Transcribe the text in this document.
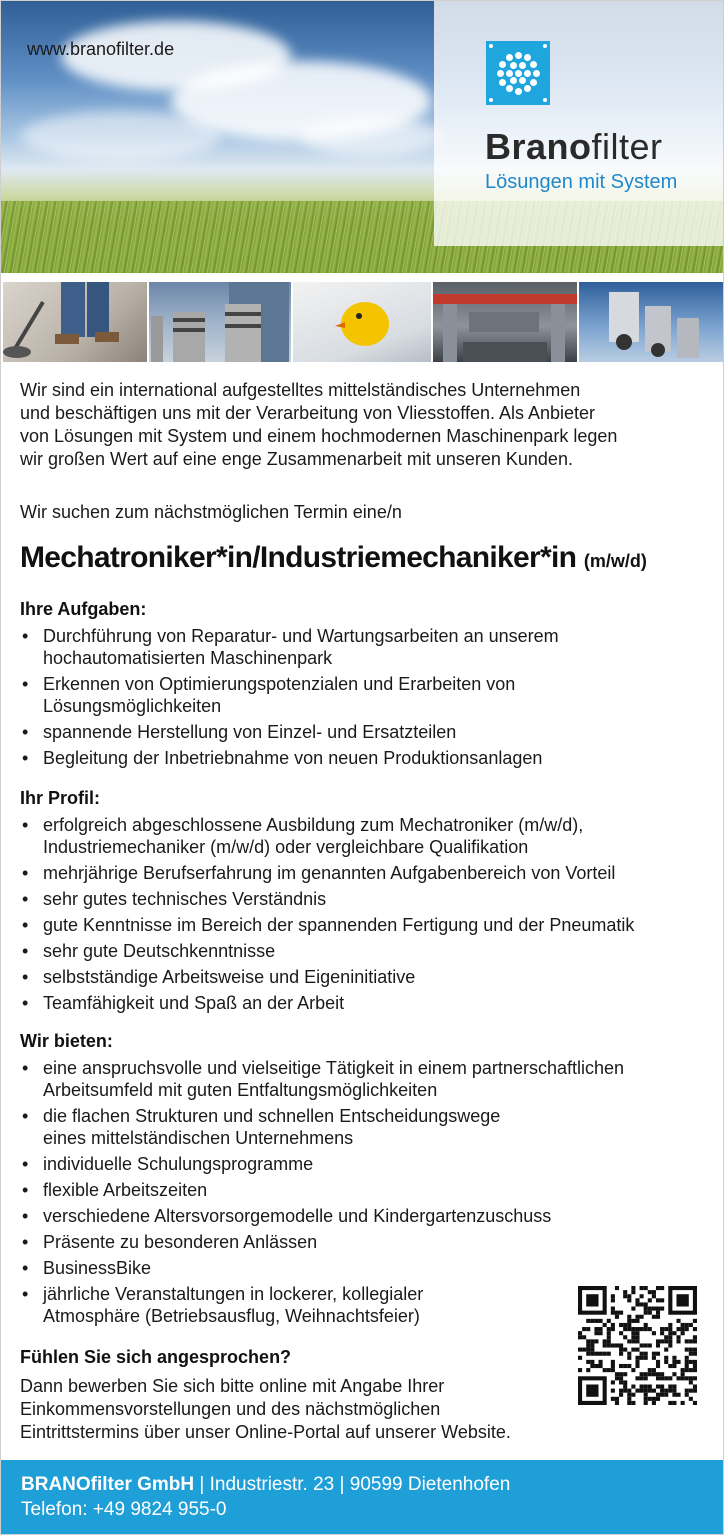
www.branofilter.de
Branofilter
Lösungen mit System
Wir sind ein international aufgestelltes mittelständisches Unternehmen
und beschäftigen uns mit der Verarbeitung von Vliesstoffen. Als Anbieter
von Lösungen mit System und einem hochmodernen Maschinenpark legen
wir großen Wert auf eine enge Zusammenarbeit mit unseren Kunden.
Wir suchen zum nächstmöglichen Termin eine/n
Mechatroniker*in/Industriemechaniker*in (m/w/d)
Ihre Aufgaben:
• Durchführung von Reparatur- und Wartungsarbeiten an unserem
hochautomatisierten Maschinenpark
• Erkennen von Optimierungspotenzialen und Erarbeiten von
Lösungsmöglichkeiten
• spannende Herstellung von Einzel- und Ersatzteilen
• Begleitung der Inbetriebnahme von neuen Produktionsanlagen
Ihr Profil:
• erfolgreich abgeschlossene Ausbildung zum Mechatroniker (m/w/d),
Industriemechaniker (m/w/d) oder vergleichbare Qualifikation
• mehrjährige Berufserfahrung im genannten Aufgabenbereich von Vorteil
• sehr gutes technisches Verständnis
• gute Kenntnisse im Bereich der spannenden Fertigung und der Pneumatik
• sehr gute Deutschkenntnisse
• selbstständige Arbeitsweise und Eigeninitiative
• Teamfähigkeit und Spaß an der Arbeit
Wir bieten:
• eine anspruchsvolle und vielseitige Tätigkeit in einem partnerschaftlichen
Arbeitsumfeld mit guten Entfaltungsmöglichkeiten
• die flachen Strukturen und schnellen Entscheidungswege
eines mittelständischen Unternehmens
• individuelle Schulungsprogramme
• flexible Arbeitszeiten
• verschiedene Altersvorsorgemodelle und Kindergartenzuschuss
• Präsente zu besonderen Anlässen
• BusinessBike
• jährliche Veranstaltungen in lockerer, kollegialer
Atmosphäre (Betriebsausflug, Weihnachtsfeier)
Fühlen Sie sich angesprochen?
Dann bewerben Sie sich bitte online mit Angabe Ihrer
Einkommensvorstellungen und des nächstmöglichen
Eintrittstermins über unser Online-Portal auf unserer Website.
BRANOfilter GmbH | Industriestr. 23 | 90599 Dietenhofen
Telefon: +49 9824 955-0
